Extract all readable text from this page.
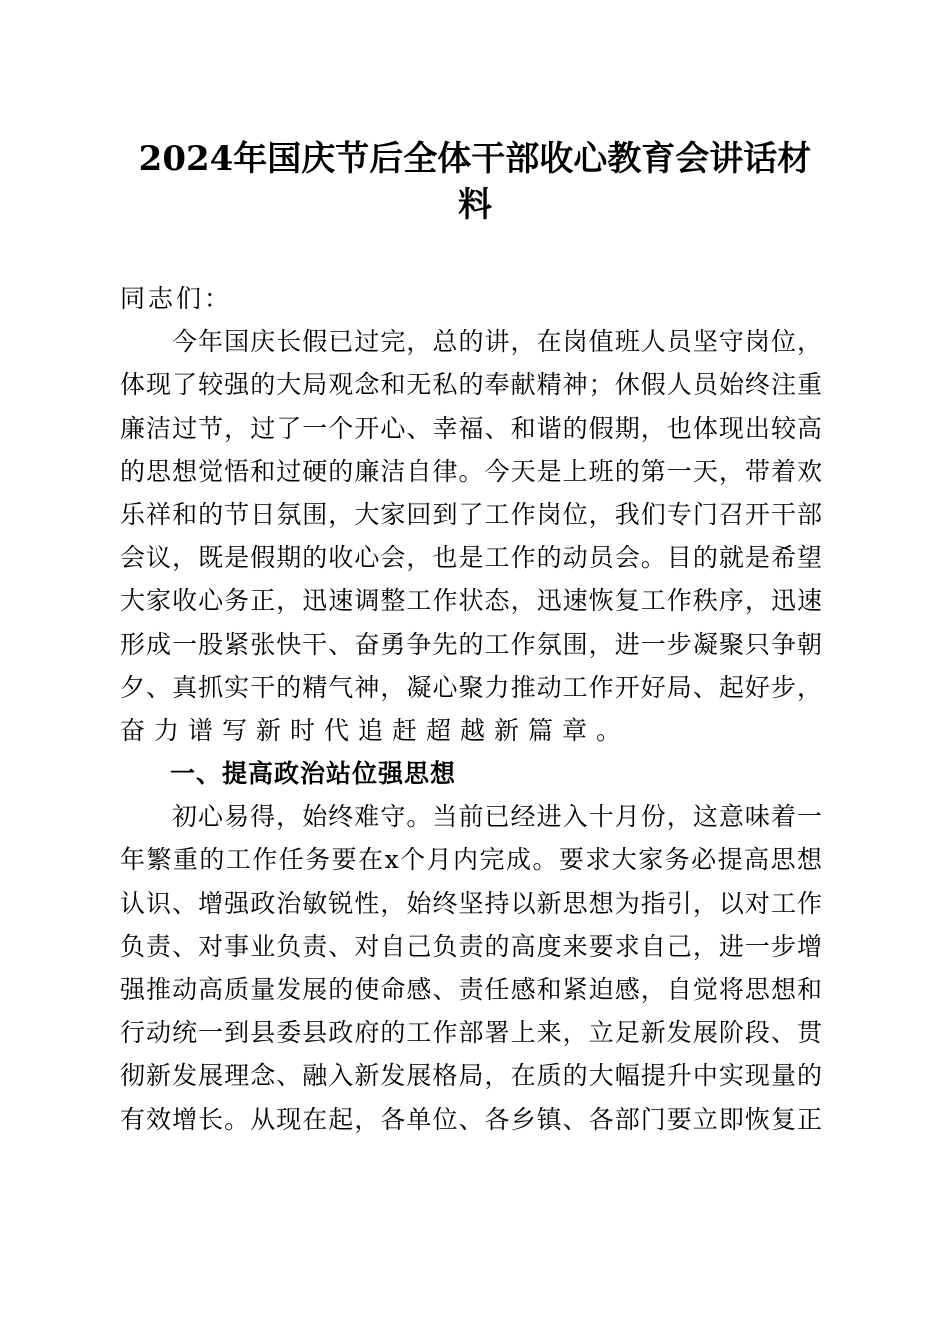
2024年国庆节后全体干部收心教育会讲话材
料
同志们：
今年国庆长假已过完，总的讲，在岗值班人员坚守岗位，
体现了较强的大局观念和无私的奉献精神；休假人员始终注重
廉洁过节，过了一个开心、幸福、和谐的假期，也体现出较高
的思想觉悟和过硬的廉洁自律。今天是上班的第一天，带着欢
乐祥和的节日氛围，大家回到了工作岗位，我们专门召开干部
会议，既是假期的收心会，也是工作的动员会。目的就是希望
大家收心务正，迅速调整工作状态，迅速恢复工作秩序，迅速
形成一股紧张快干、奋勇争先的工作氛围，进一步凝聚只争朝
夕、真抓实干的精气神，凝心聚力推动工作开好局、起好步，
奋力谱写新时代追赶超越新篇章。
一、提高政治站位强思想
初心易得，始终难守。当前已经进入十月份，这意味着一
年繁重的工作任务要在x个月内完成。要求大家务必提高思想
认识、增强政治敏锐性，始终坚持以新思想为指引，以对工作
负责、对事业负责、对自己负责的高度来要求自己，进一步增
强推动高质量发展的使命感、责任感和紧迫感，自觉将思想和
行动统一到县委县政府的工作部署上来，立足新发展阶段、贯
彻新发展理念、融入新发展格局，在质的大幅提升中实现量的
有效增长。从现在起，各单位、各乡镇、各部门要立即恢复正
